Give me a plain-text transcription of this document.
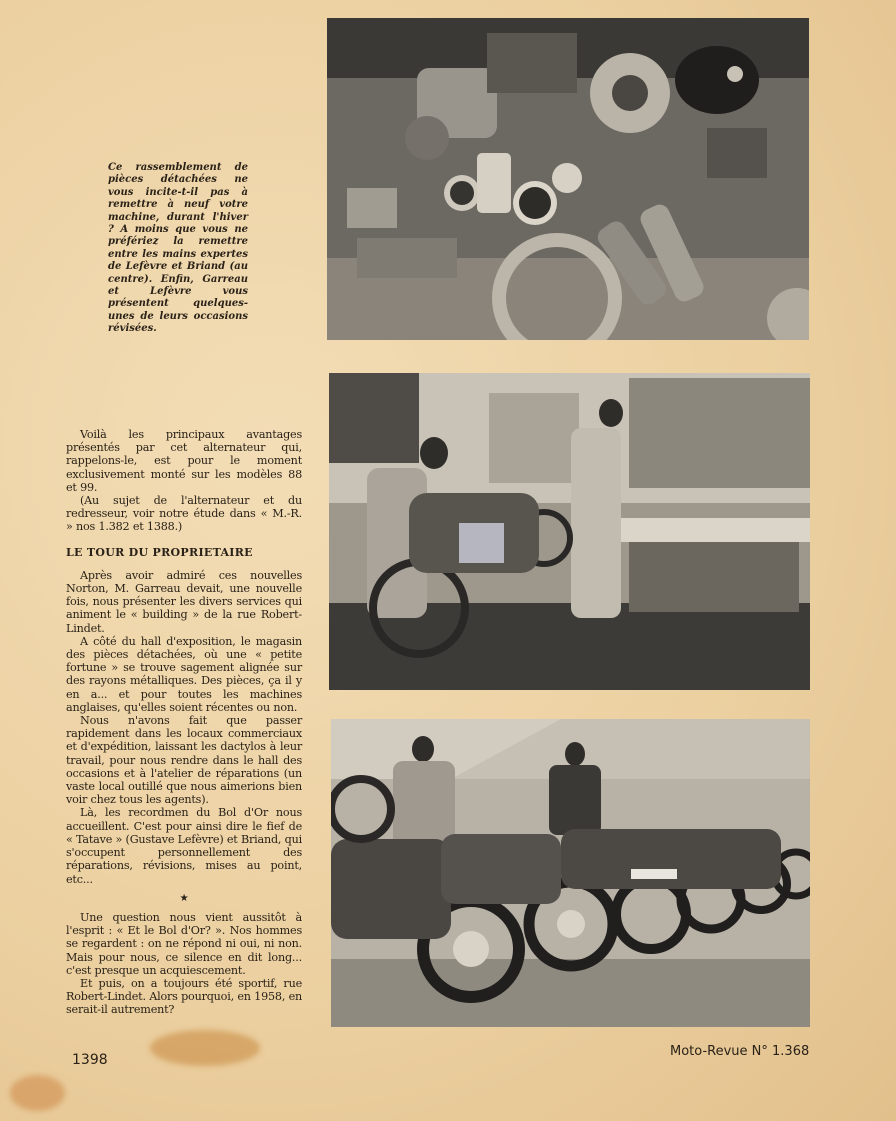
Ce rassemblement de pièces détachées ne vous incite-t-il pas à remettre à neuf votre machine, durant l'hiver ? A moins que vous ne préfériez la remettre entre les mains expertes de Lefèvre et Briand (au centre). Enfin, Garreau et Lefèvre vous présentent quelques-unes de leurs occasions révisées.

Voilà les principaux avantages présentés par cet alternateur qui, rappelons-le, est pour le moment exclusivement monté sur les modèles 88 et 99.

(Au sujet de l'alternateur et du redresseur, voir notre étude dans « M.-R. » nos 1.382 et 1388.)

LE TOUR DU PROPRIETAIRE

Après avoir admiré ces nouvelles Norton, M. Garreau devait, une nouvelle fois, nous présenter les divers services qui animent le « building » de la rue Robert-Lindet.

A côté du hall d'exposition, le magasin des pièces détachées, où une « petite fortune » se trouve sagement alignée sur des rayons métalliques. Des pièces, ça il y en a... et pour toutes les machines anglaises, qu'elles soient récentes ou non.

Nous n'avons fait que passer rapidement dans les locaux commerciaux et d'expédition, laissant les dactylos à leur travail, pour nous rendre dans le hall des occasions et à l'atelier de réparations (un vaste local outillé que nous aimerions bien voir chez tous les agents).

Là, les recordmen du Bol d'Or nous accueillent. C'est pour ainsi dire le fief de « Tatave » (Gustave Lefèvre) et Briand, qui s'occupent personnellement des réparations, révisions, mises au point, etc...

★

Une question nous vient aussitôt à l'esprit : « Et le Bol d'Or? ». Nos hommes se regardent : on ne répond ni oui, ni non. Mais pour nous, ce silence en dit long... c'est presque un acquiescement.

Et puis, on a toujours été sportif, rue Robert-Lindet. Alors pourquoi, en 1958, en serait-il autrement?

1398
Moto-Revue N° 1.368
